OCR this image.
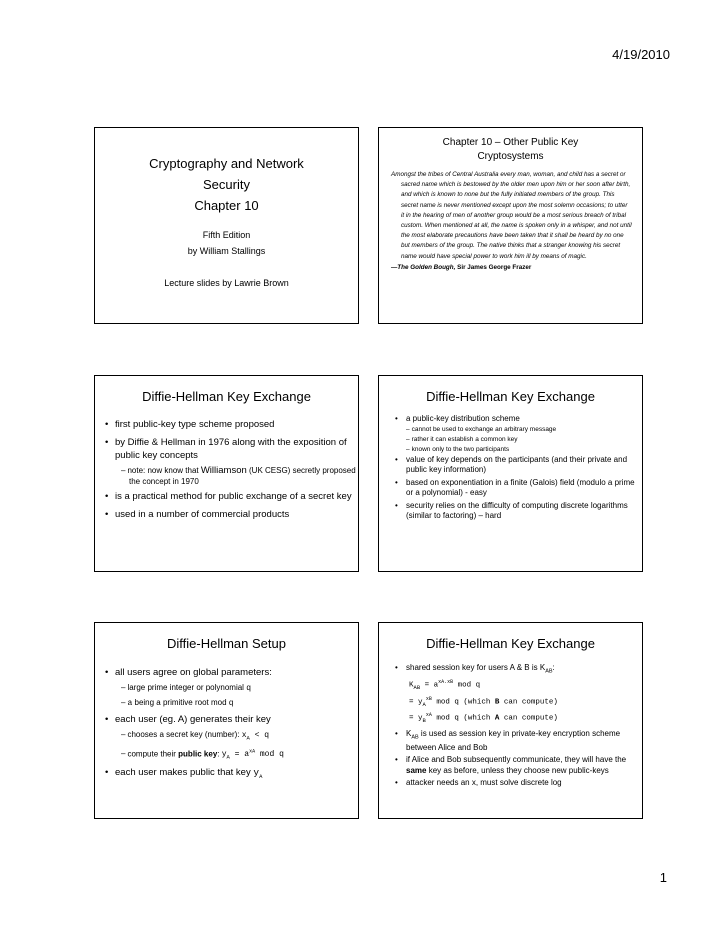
4/19/2010
Cryptography and Network
Security
Chapter 10
Fifth Edition
by William Stallings
Lecture slides by Lawrie Brown
Chapter 10 – Other Public Key
Cryptosystems
Amongst the tribes of Central Australia every man, woman, and child has a secret or sacred name which is bestowed by the older men upon him or her soon after birth, and which is known to none but the fully initiated members of the group. This secret name is never mentioned except upon the most solemn occasions; to utter it in the hearing of men of another group would be a most serious breach of tribal custom. When mentioned at all, the name is spoken only in a whisper, and not until the most elaborate precautions have been taken that it shall be heard by no one but members of the group. The native thinks that a stranger knowing his secret name would have special power to work him ill by means of magic.
—The Golden Bough, Sir James George Frazer
Diffie-Hellman Key Exchange
• first public-key type scheme proposed
• by Diffie & Hellman in 1976 along with the exposition of public key concepts
– note: now know that Williamson (UK CESG) secretly proposed the concept in 1970
• is a practical method for public exchange of a secret key
• used in a number of commercial products
Diffie-Hellman Key Exchange
• a public-key distribution scheme
– cannot be used to exchange an arbitrary message
– rather it can establish a common key
– known only to the two participants
• value of key depends on the participants (and their private and public key information)
• based on exponentiation in a finite (Galois) field (modulo a prime or a polynomial) - easy
• security relies on the difficulty of computing discrete logarithms (similar to factoring) – hard
Diffie-Hellman Setup
• all users agree on global parameters:
– large prime integer or polynomial q
– a being a primitive root mod q
• each user (eg. A) generates their key
– chooses a secret key (number): $x_A < q$
– compute their public key: $y_A = a^{xA}$ mod q
• each user makes public that key $y_A$
Diffie-Hellman Key Exchange
• shared session key for users A & B is $K_{AB}$:
$K_{AB} = a^{xA.xB}$ mod q
= $y_A^{xB}$ mod q (which B can compute)
= $y_B^{xA}$ mod q (which A can compute)
• $K_{AB}$ is used as session key in private-key encryption scheme between Alice and Bob
• if Alice and Bob subsequently communicate, they will have the same key as before, unless they choose new public-keys
• attacker needs an x, must solve discrete log
1
